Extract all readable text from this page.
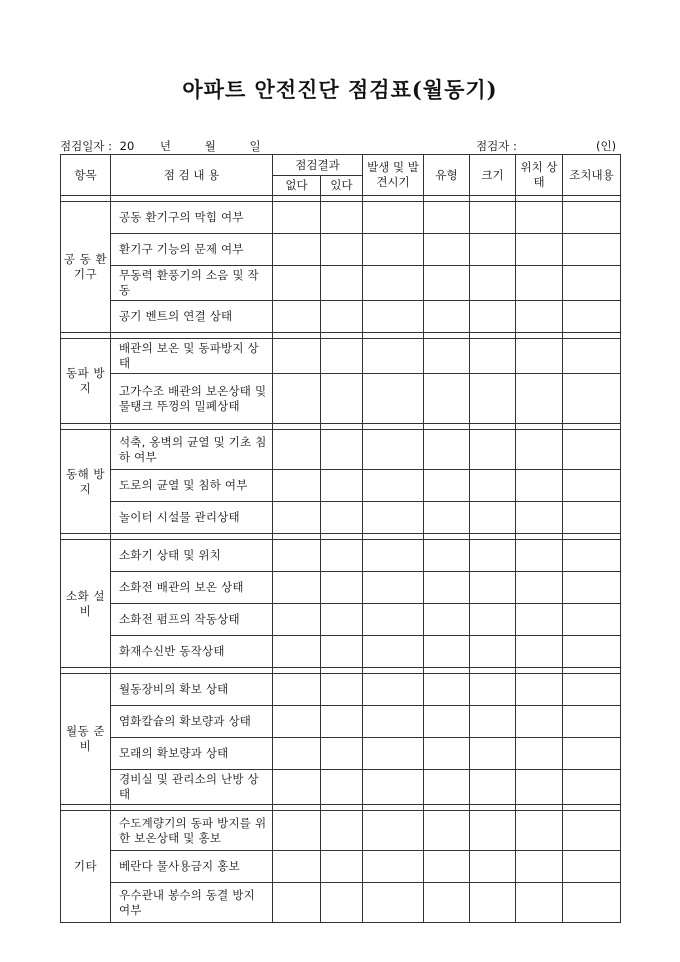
아파트 안전진단 점검표(월동기)
점검일자 : 20 년	월	일	점검자 :	(인)
항목	점 검 내 용	점검결과		발생 및 발견시기	유형	크기	위치 상태	조치내용
		없다	있다					

공 동 환기구	공동 환기구의 막힘 여부							
	환기구 기능의 문제 여부							
	무동력 환풍기의 소음 및 작동							
	공기 벤트의 연결 상태							

동파 방지	배관의 보온 및 동파방지 상태							
	고가수조 배관의 보온상태 및 물탱크 뚜껑의 밀폐상태							

동해 방지	석축, 옹벽의 균열 및 기초 침하 여부							
	도로의 균열 및 침하 여부							
	놀이터 시설물 관리상태							

소화 설비	소화기 상태 및 위치							
	소화전 배관의 보온 상태							
	소화전 펌프의 작동상태							
	화재수신반 동작상태							

월동 준비	월동장비의 확보 상태							
	염화칼슘의 확보량과 상태							
	모래의 확보량과 상태							
	경비실 및 관리소의 난방 상태							

기타	수도계량기의 동파 방지를 위한 보온상태 및 홍보							
	베란다 물사용금지 홍보							
	우수관내 봉수의 동결 방지 여부							
